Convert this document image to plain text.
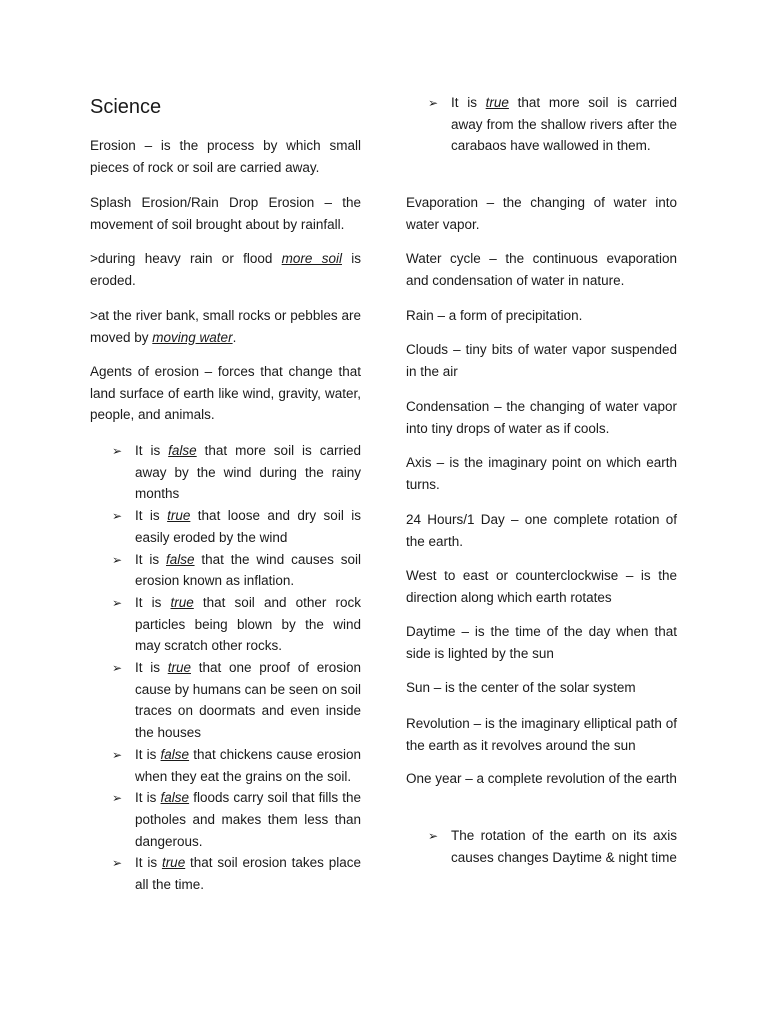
Science

Erosion – is the process by which small pieces of rock or soil are carried away.

Splash Erosion/Rain Drop Erosion – the movement of soil brought about by rainfall.

>during heavy rain or flood more soil is eroded.

>at the river bank, small rocks or pebbles are moved by moving water.

Agents of erosion – forces that change that land surface of earth like wind, gravity, water, people, and animals.

➢ It is false that more soil is carried away by the wind during the rainy months
➢ It is true that loose and dry soil is easily eroded by the wind
➢ It is false that the wind causes soil erosion known as inflation.
➢ It is true that soil and other rock particles being blown by the wind may scratch other rocks.
➢ It is true that one proof of erosion cause by humans can be seen on soil traces on doormats and even inside the houses
➢ It is false that chickens cause erosion when they eat the grains on the soil.
➢ It is false floods carry soil that fills the potholes and makes them less than dangerous.
➢ It is true that soil erosion takes place all the time.
➢ It is true that more soil is carried away from the shallow rivers after the carabaos have wallowed in them.

Evaporation – the changing of water into water vapor.

Water cycle – the continuous evaporation and condensation of water in nature.

Rain – a form of precipitation.

Clouds – tiny bits of water vapor suspended in the air

Condensation – the changing of water vapor into tiny drops of water as if cools.

Axis – is the imaginary point on which earth turns.

24 Hours/1 Day – one complete rotation of the earth.

West to east or counterclockwise – is the direction along which earth rotates

Daytime – is the time of the day when that side is lighted by the sun

Sun – is the center of the solar system

Revolution – is the imaginary elliptical path of the earth as it revolves around the sun

One year – a complete revolution of the earth

➢ The rotation of the earth on its axis causes changes Daytime & night time
